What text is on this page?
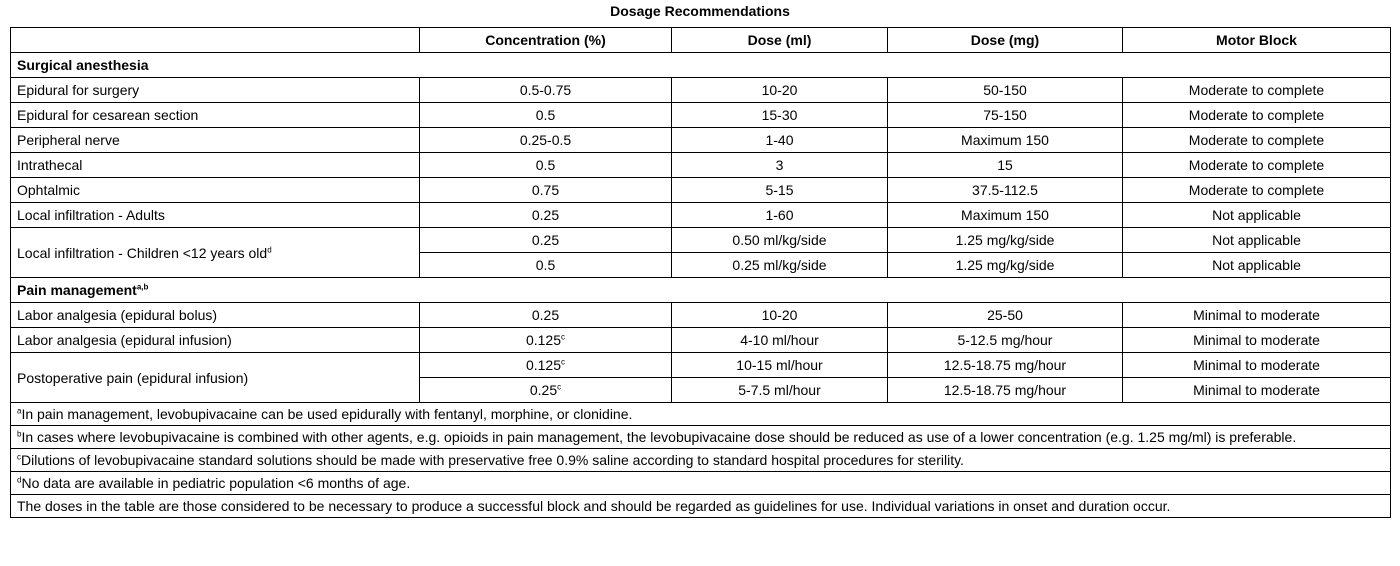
Dosage Recommendations
	Concentration (%)	Dose (ml)	Dose (mg)	Motor Block
Surgical anesthesia				
Epidural for surgery	0.5-0.75	10-20	50-150	Moderate to complete
Epidural for cesarean section	0.5	15-30	75-150	Moderate to complete
Peripheral nerve	0.25-0.5	1-40	Maximum 150	Moderate to complete
Intrathecal	0.5	3	15	Moderate to complete
Ophtalmic	0.75	5-15	37.5-112.5	Moderate to complete
Local infiltration - Adults	0.25	1-60	Maximum 150	Not applicable
Local infiltration - Children <12 years old$^d$	0.25	0.50 ml/kg/side	1.25 mg/kg/side	Not applicable
	0.5	0.25 ml/kg/side	1.25 mg/kg/side	Not applicable
Pain management$^{a,b}$
Labor analgesia (epidural bolus)	0.25	10-20	25-50	Minimal to moderate
Labor analgesia (epidural infusion)	0.125$^c$	4-10 ml/hour	5-12.5 mg/hour	Minimal to moderate
Postoperative pain (epidural infusion)	0.125$^c$	10-15 ml/hour	12.5-18.75 mg/hour	Minimal to moderate
	0.25$^c$	5-7.5 ml/hour	12.5-18.75 mg/hour	Minimal to moderate
$^a$In pain management, levobupivacaine can be used epidurally with fentanyl, morphine, or clonidine.				
$^b$In cases where levobupivacaine is combined with other agents, e.g. opioids in pain management, the levobupivacaine dose should be reduced as use of a lower concentration (e.g. 1.25 mg/ml) is preferable.				
$^c$Dilutions of levobupivacaine standard solutions should be made with preservative free 0.9% saline according to standard hospital procedures for sterility.				
$^d$No data are available in pediatric population <6 months of age.				
The doses in the table are those considered to be necessary to produce a successful block and should be regarded as guidelines for use. Individual variations in onset and duration occur.				
